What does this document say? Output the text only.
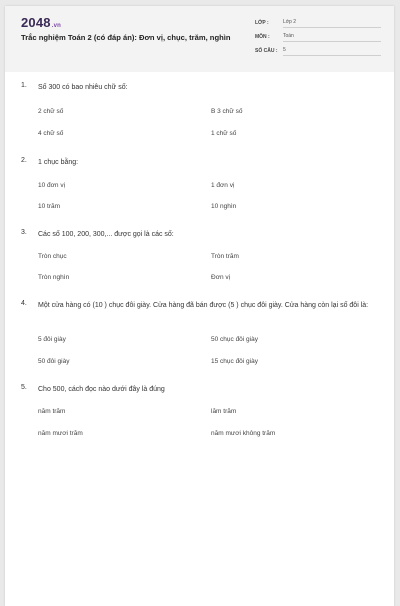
2048.vn
Trắc nghiệm Toán 2 (có đáp án): Đơn vị, chục, trăm, nghìn
LỚP :	Lớp 2
MÔN :	Toán
SỐ CÂU : 5
1. Số 300 có bao nhiêu chữ số:
2 chữ số	B 3 chữ số
4 chữ số	1 chữ số
2. 1 chục bằng:
10 đơn vị	1 đơn vị
10 trăm	10 nghìn
3. Các số 100, 200, 300,... được gọi là các số:
Tròn chục	Tròn trăm
Tròn nghìn	Đơn vị
4. Một cửa hàng có (10 ) chục đôi giày. Cửa hàng đã bán được (5 ) chục đôi giày. Cửa hàng còn lại số đôi là:
5 đôi giày	50 chục đôi giày
50 đôi giày	15 chục đôi giày
5. Cho 500, cách đọc nào dưới đây là đúng
năm trăm	lăm trăm
năm mươi trăm	năm mươi không trăm
